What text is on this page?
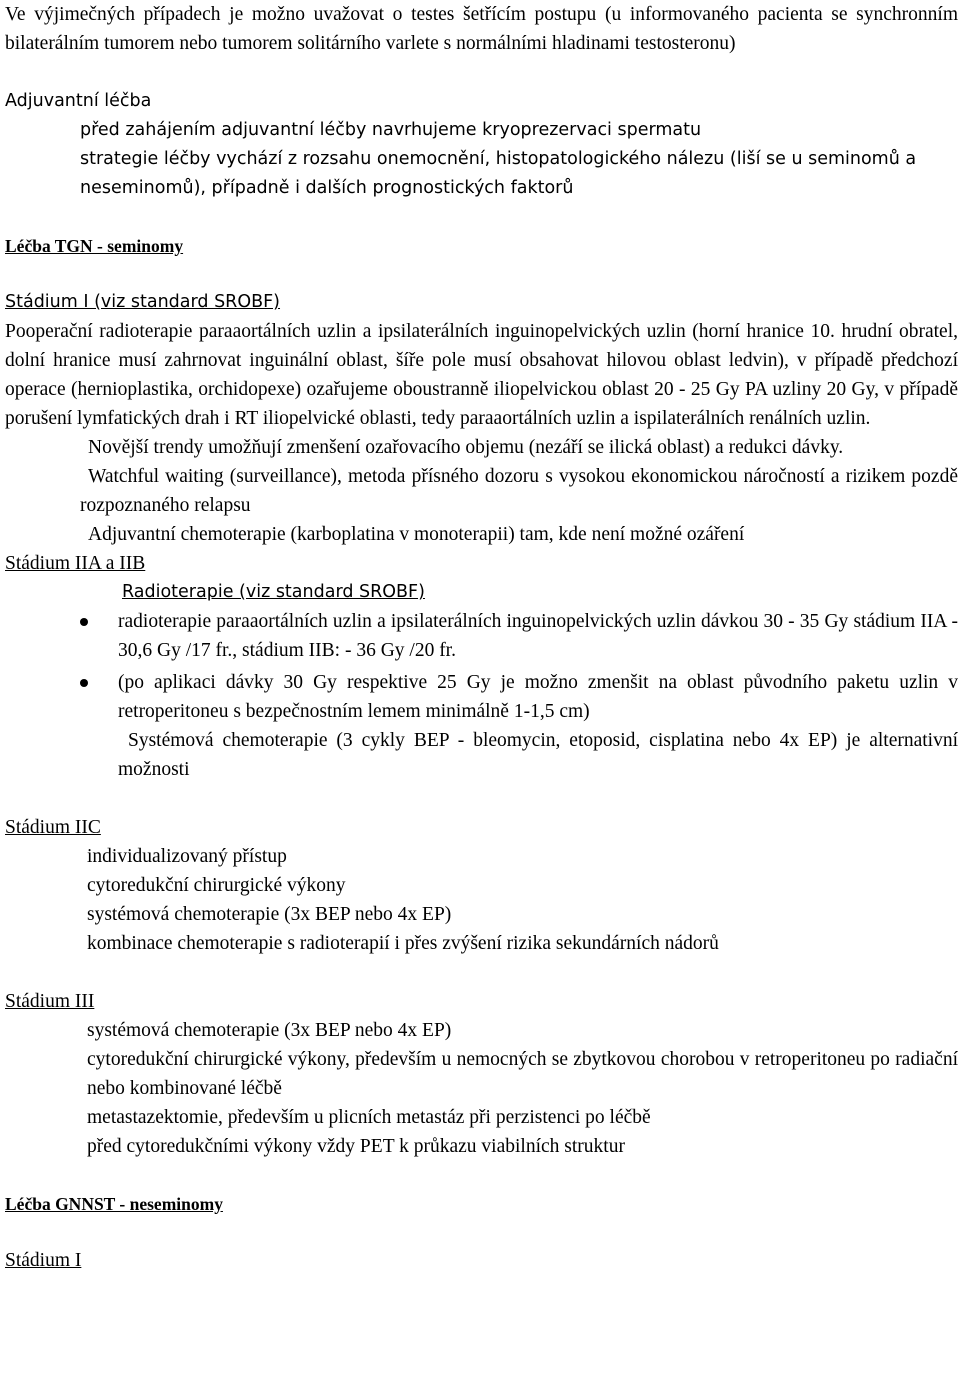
Ve výjimečných případech je možno uvažovat o testes šetřícím postupu (u informovaného pacienta se synchronním bilaterálním tumorem nebo tumorem solitárního varlete s normálními hladinami testosteronu)

Adjuvantní léčba

před zahájením adjuvantní léčby navrhujeme kryoprezervaci spermatu

strategie léčby vychází z rozsahu onemocnění, histopatologického nálezu (liší se u seminomů a neseminomů), případně i dalších prognostických faktorů

Léčba TGN - seminomy

Stádium I (viz standard SROBF)

Pooperační radioterapie paraaortálních uzlin a ipsilaterálních inguinopelvických uzlin (horní hranice 10. hrudní obratel, dolní hranice musí zahrnovat inguinální oblast, šíře pole musí obsahovat hilovou oblast ledvin), v případě předchozí operace (hernioplastika, orchidopexe) ozařujeme oboustranně iliopelvickou oblast 20 - 25 Gy PA uzliny 20 Gy, v případě porušení lymfatických drah i RT iliopelvické oblasti, tedy paraaortálních uzlin a ispilaterálních renálních uzlin.

Novější trendy umožňují zmenšení ozařovacího objemu (nezáří se ilická oblast) a redukci dávky.

Watchful waiting (surveillance), metoda přísného dozoru s vysokou ekonomickou náročností a rizikem pozdě rozpoznaného relapsu

Adjuvantní chemoterapie (karboplatina v monoterapii) tam, kde není možné ozáření

Stádium IIA a IIB

Radioterapie (viz standard SROBF)

radioterapie paraaortálních uzlin a ipsilaterálních inguinopelvických uzlin dávkou 30 - 35 Gy stádium IIA - 30,6 Gy /17 fr., stádium IIB: - 36 Gy /20 fr.
(po aplikaci dávky 30 Gy respektive 25 Gy je možno zmenšit na oblast původního paketu uzlin v retroperitoneu s bezpečnostním lemem minimálně 1-1,5 cm)

Systémová chemoterapie (3 cykly BEP - bleomycin, etoposid, cisplatina nebo 4x EP) je alternativní možnosti

Stádium IIC

individualizovaný přístup

cytoredukční chirurgické výkony

systémová chemoterapie (3x BEP nebo 4x EP)

kombinace chemoterapie s radioterapií i přes zvýšení rizika sekundárních nádorů

Stádium III

systémová chemoterapie (3x BEP nebo 4x EP)

cytoredukční chirurgické výkony, především u nemocných se zbytkovou chorobou v retroperitoneu po radiační nebo kombinované léčbě

metastazektomie, především u plicních metastáz při perzistenci po léčbě

před cytoredukčními výkony vždy PET k průkazu viabilních struktur

Léčba GNNST - neseminomy

Stádium I
